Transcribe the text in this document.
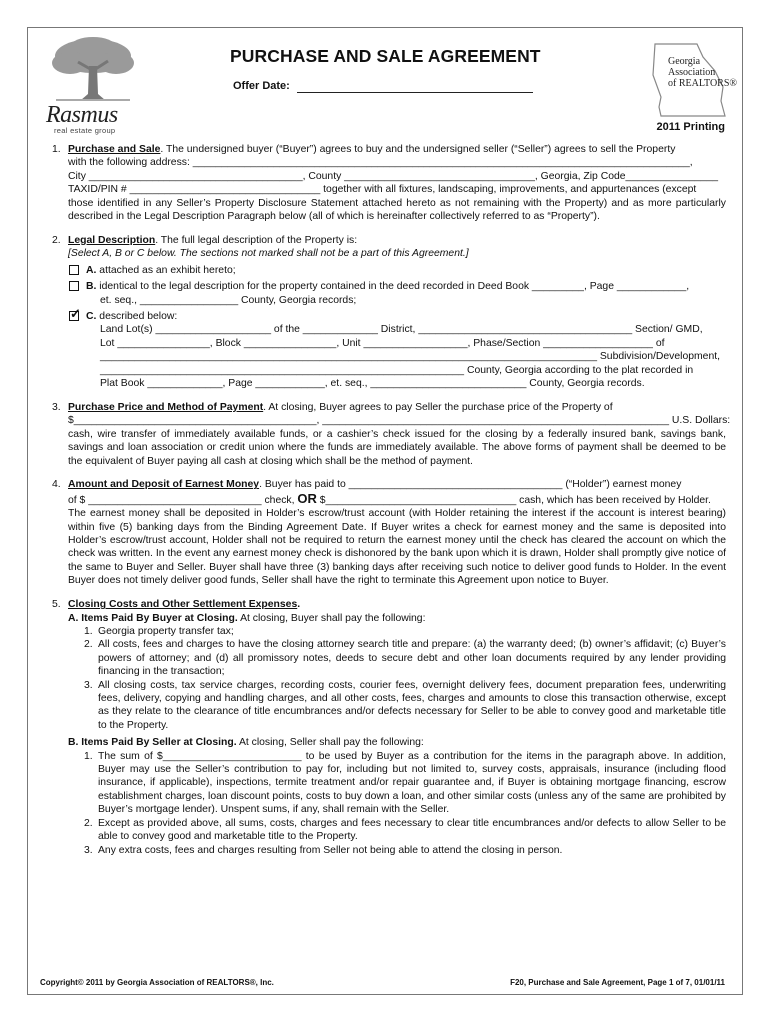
Rasmus
real estate group
PURCHASE AND SALE AGREEMENT
Offer Date:
Georgia
Association
of REALTORS®
2011 Printing
1. Purchase and Sale. The undersigned buyer (“Buyer”) agrees to buy and the undersigned seller (“Seller”) agrees to sell the Property
with the following address: ______________________________________________________________________________________,
City _____________________________________, County _________________________________, Georgia, Zip Code________________
TAXID/PIN # _________________________________ together with all fixtures, landscaping, improvements, and appurtenances (except
those identified in any Seller’s Property Disclosure Statement attached hereto as not remaining with the Property) and as more particularly described in the Legal Description Paragraph below (all of which is hereinafter collectively referred to as “Property”).
2. Legal Description. The full legal description of the Property is:
[Select A, B or C below. The sections not marked shall not be a part of this Agreement.]
A. attached as an exhibit hereto;
B. identical to the legal description for the property contained in the deed recorded in Deed Book _________, Page ____________,
et. seq., _________________ County, Georgia records;
✓
C. described below:
Land Lot(s) ____________________ of the _____________ District, _____________________________________ Section/ GMD,
Lot ________________, Block ________________, Unit __________________, Phase/Section ___________________ of
______________________________________________________________________________________ Subdivision/Development,
_______________________________________________________________ County, Georgia according to the plat recorded in
Plat Book _____________, Page ____________, et. seq., ___________________________ County, Georgia records.
3. Purchase Price and Method of Payment. At closing, Buyer agrees to pay Seller the purchase price of the Property of
$__________________________________________, ____________________________________________________________ U.S. Dollars:
cash, wire transfer of immediately available funds, or a cashier’s check issued for the closing by a federally insured bank, savings bank, savings and loan association or credit union where the funds are immediately available. The above forms of payment shall be deemed to be the equivalent of Buyer paying all cash at closing which shall be the method of payment.
4. Amount and Deposit of Earnest Money. Buyer has paid to _____________________________________ (“Holder”) earnest money
of $ ______________________________ check, OR $_________________________________ cash, which has been received by Holder.
The earnest money shall be deposited in Holder’s escrow/trust account (with Holder retaining the interest if the account is interest bearing) within five (5) banking days from the Binding Agreement Date. If Buyer writes a check for earnest money and the same is deposited into Holder’s escrow/trust account, Holder shall not be required to return the earnest money until the check has cleared the account on which the check was written. In the event any earnest money check is dishonored by the bank upon which it is drawn, Holder shall promptly give notice of the same to Buyer and Seller. Buyer shall have three (3) banking days after receiving such notice to deliver good funds to Holder. In the event Buyer does not timely deliver good funds, Seller shall have the right to terminate this Agreement upon notice to Buyer.
5. Closing Costs and Other Settlement Expenses.
A. Items Paid By Buyer at Closing. At closing, Buyer shall pay the following:
1. Georgia property transfer tax;
2. All costs, fees and charges to have the closing attorney search title and prepare: (a) the warranty deed; (b) owner’s affidavit; (c) Buyer’s powers of attorney; and (d) all promissory notes, deeds to secure debt and other loan documents required by any lender providing financing in the transaction;
3. All closing costs, tax service charges, recording costs, courier fees, overnight delivery fees, document preparation fees, underwriting fees, delivery, copying and handling charges, and all other costs, fees, charges and amounts to close this transaction otherwise, except as they relate to the clearance of title encumbrances and/or defects necessary for Seller to be able to convey good and marketable title to the Property.
B. Items Paid By Seller at Closing. At closing, Seller shall pay the following:
1. The sum of $________________________ to be used by Buyer as a contribution for the items in the paragraph above. In addition, Buyer may use the Seller’s contribution to pay for, including but not limited to, survey costs, appraisals, insurance (including flood insurance, if applicable), inspections, termite treatment and/or repair guarantee and, if Buyer is obtaining mortgage financing, escrow establishment charges, loan discount points, costs to buy down a loan, and other similar costs (unless any of the same are prohibited by Buyer’s mortgage lender). Unspent sums, if any, shall remain with the Seller.
2. Except as provided above, all sums, costs, charges and fees necessary to clear title encumbrances and/or defects to allow Seller to be able to convey good and marketable title to the Property.
3. Any extra costs, fees and charges resulting from Seller not being able to attend the closing in person.
Copyright© 2011 by Georgia Association of REALTORS®, Inc.	F20, Purchase and Sale Agreement, Page 1 of 7, 01/01/11
